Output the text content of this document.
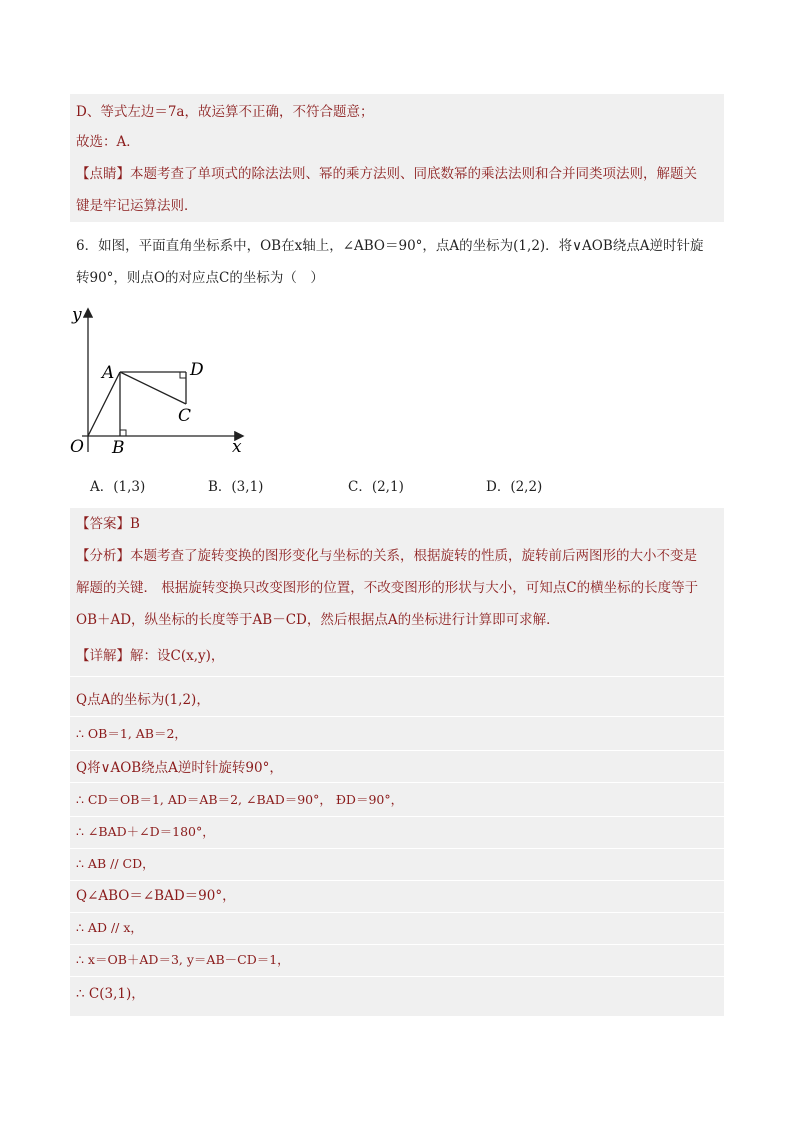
D、等式左边＝7a，故运算不正确，不符合题意；
故选：A．
【点睛】本题考查了单项式的除法法则、幂的乘方法则、同底数幂的乘法法则和合并同类项法则，解题关
键是牢记运算法则．
6．如图，平面直角坐标系中，OB在x轴上，∠ABO＝90°，点A的坐标为(1,2)．将∨AOB绕点A逆时针旋
转90°，则点O的对应点C的坐标为（　）
y
x
O
A
B
C
D
A．(1,3)	B．(3,1)	C．(2,1)	D．(2,2)
【答案】B
【分析】本题考查了旋转变换的图形变化与坐标的关系，根据旋转的性质，旋转前后两图形的大小不变是
解题的关键． 根据旋转变换只改变图形的位置，不改变图形的形状与大小，可知点C的横坐标的长度等于
OB＋AD，纵坐标的长度等于AB－CD，然后根据点A的坐标进行计算即可求解．
【详解】解：设C(x,y)，
Q点A的坐标为(1,2)，
∴ OB＝1, AB＝2，
Q将∨AOB绕点A逆时针旋转90°，
∴ CD＝OB＝1, AD＝AB＝2, ∠BAD＝90°， ÐD＝90°，
∴ ∠BAD＋∠D＝180°，
∴ AB // CD，
Q∠ABO＝∠BAD＝90°，
∴ AD // x，
∴ x＝OB＋AD＝3, y＝AB－CD＝1，
∴ C(3,1)，
